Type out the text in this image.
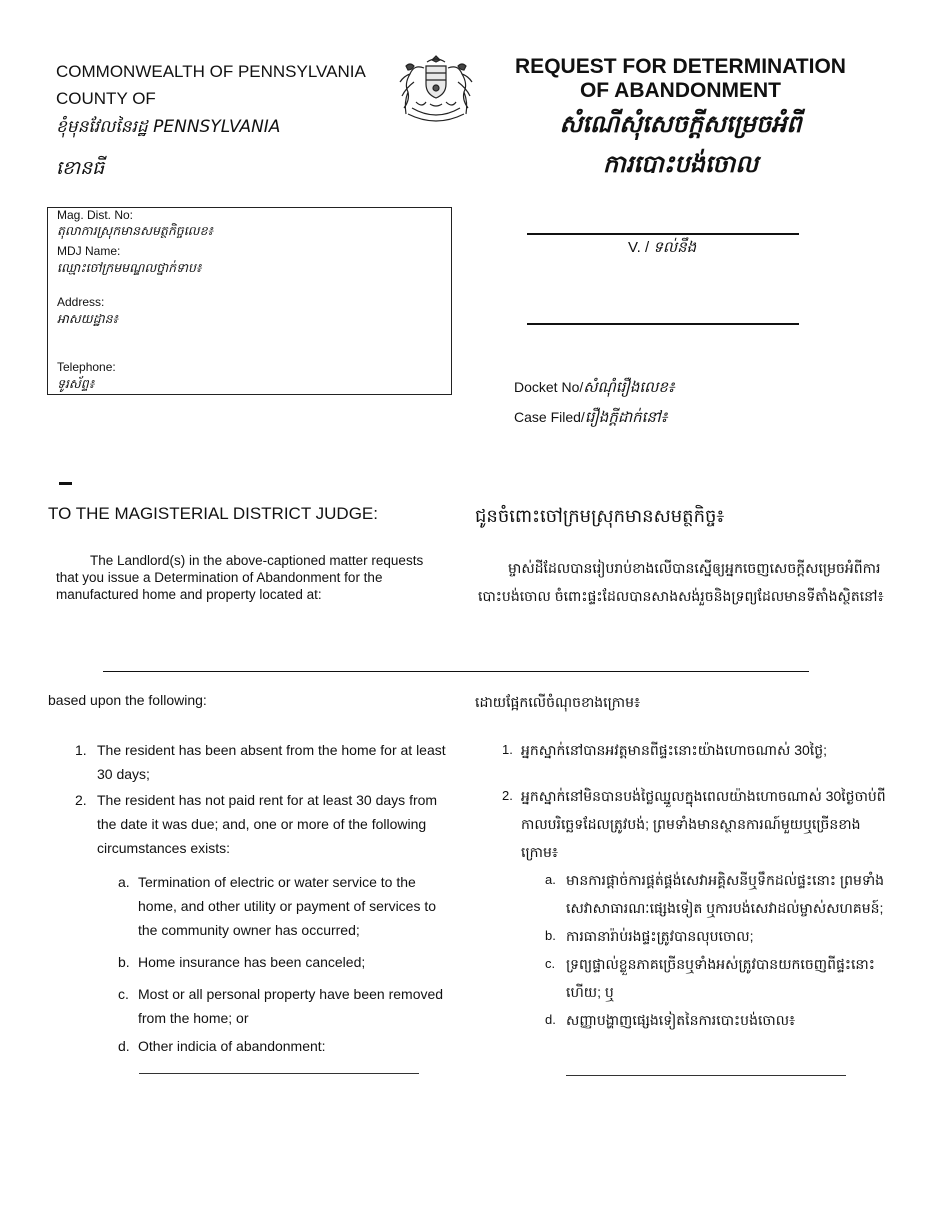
COMMONWEALTH OF PENNSYLVANIA
COUNTY OF
ខុំមុនវែលនៃរដ្ឋ PENNSYLVANIA
ខោនធី
REQUEST FOR DETERMINATION
OF ABANDONMENT
សំណើសុំសេចក្តីសម្រេចអំពី
ការបោះបង់ចោល
Mag. Dist. No:
តុលាការស្រុកមានសមត្ថកិច្ចលេខ៖
MDJ Name:
ឈ្មោះចៅក្រមមណ្ឌលថ្នាក់ទាប៖
Address:
អាសយដ្ឋាន៖
Telephone:
ទូរស័ព្ទ៖
V. / ទល់នឹង
Docket No/សំណុំរឿងលេខ៖
Case Filed/រឿងក្តីដាក់នៅ៖
TO THE MAGISTERIAL DISTRICT JUDGE:	ជូនចំពោះចៅក្រមស្រុកមានសមត្ថកិច្ច៖
The Landlord(s) in the above-captioned matter requests that you issue a Determination of Abandonment for the manufactured home and property located at:
ម្ចាស់ដីដែលបានរៀបរាប់ខាងលើបានស្នើឲ្យអ្នកចេញសេចក្តីសម្រេចអំពីការបោះបង់ចោល ចំពោះផ្ទះដែលបានសាងសង់រួចនិងទ្រព្យដែលមានទីតាំងស្ថិតនៅ៖
based upon the following:	ដោយផ្អែកលើចំណុចខាងក្រោម៖
1. The resident has been absent from the home for at least 30 days;
2. The resident has not paid rent for at least 30 days from the date it was due; and, one or more of the following circumstances exists:
a. Termination of electric or water service to the home, and other utility or payment of services to the community owner has occurred;
b. Home insurance has been canceled;
c. Most or all personal property have been removed from the home; or
d. Other indicia of abandonment:
1. អ្នកស្នាក់នៅបានអវត្តមានពីផ្ទះនោះយ៉ាងហោចណាស់ 30ថ្ងៃ;
2. អ្នកស្នាក់នៅមិនបានបង់ថ្លៃឈ្នួលក្នុងពេលយ៉ាងហោចណាស់ 30ថ្ងៃចាប់ពីកាលបរិច្ឆេទដែលត្រូវបង់; ព្រមទាំងមានស្ថានការណ៍មួយឬច្រើនខាងក្រោម៖
a. មានការផ្តាច់ការផ្គត់ផ្គង់សេវាអគ្គិសនីឬទឹកដល់ផ្ទះនោះ ព្រមទាំងសេវាសាធារណៈផ្សេងទៀត ឬការបង់សេវាដល់ម្ចាស់សហគមន៍;
b. ការធានារ៉ាប់រងផ្ទះត្រូវបានលុបចោល;
c. ទ្រព្យផ្ទាល់ខ្លួនភាគច្រើនឬទាំងអស់ត្រូវបានយកចេញពីផ្ទះនោះហើយ; ឬ
d. សញ្ញាបង្ហាញផ្សេងទៀតនៃការបោះបង់ចោល៖
